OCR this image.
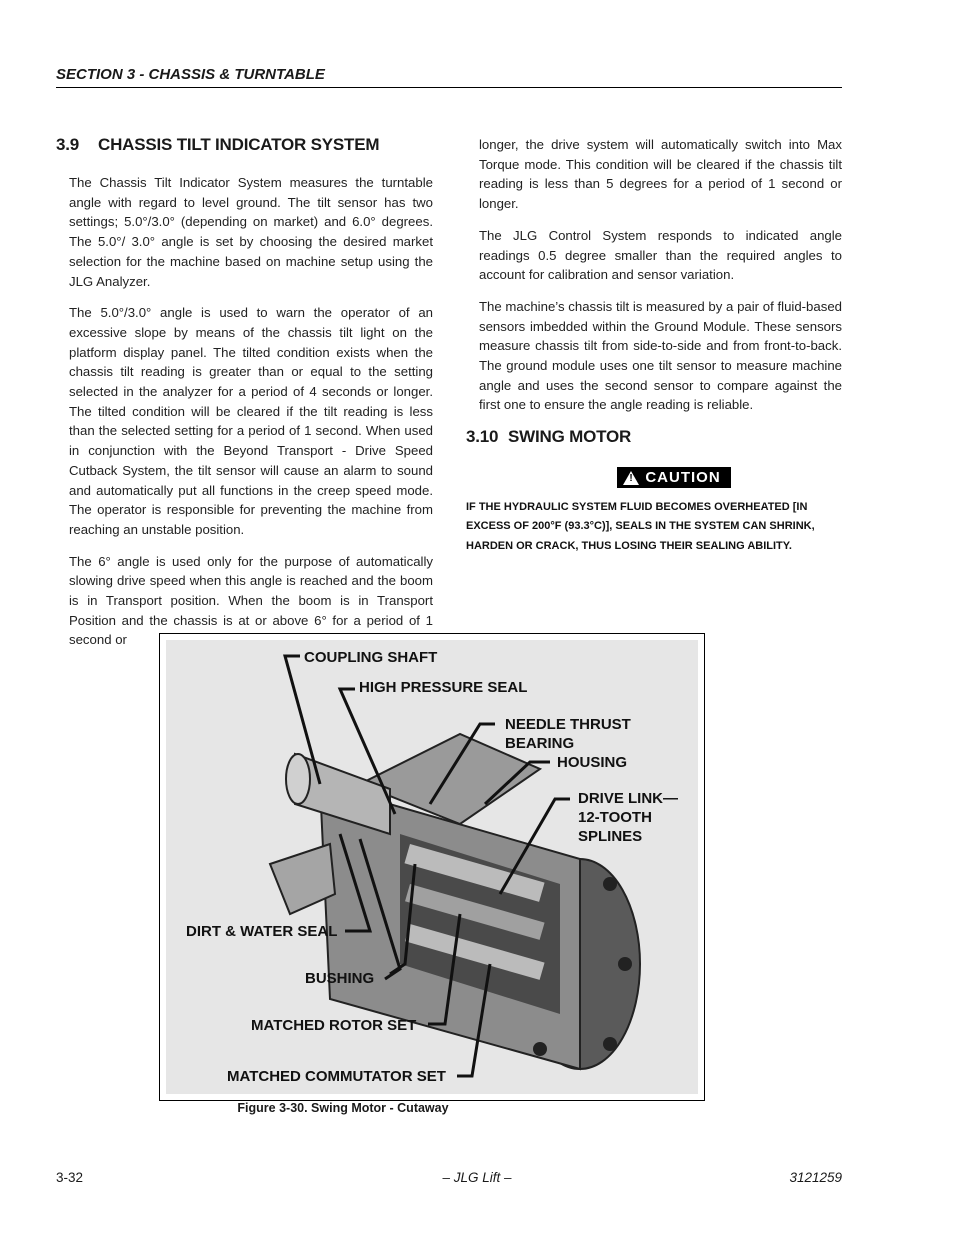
SECTION 3 - CHASSIS & TURNTABLE
3.9 CHASSIS TILT INDICATOR SYSTEM

The Chassis Tilt Indicator System measures the turntable angle with regard to level ground. The tilt sensor has two settings; 5.0°/3.0° (depending on market) and 6.0° degrees. The 5.0°/ 3.0° angle is set by choosing the desired market selection for the machine based on machine setup using the JLG Analyzer.

The 5.0°/3.0° angle is used to warn the operator of an excessive slope by means of the chassis tilt light on the platform display panel. The tilted condition exists when the chassis tilt reading is greater than or equal to the setting selected in the analyzer for a period of 4 seconds or longer. The tilted condition will be cleared if the tilt reading is less than the selected setting for a period of 1 second. When used in conjunction with the Beyond Transport - Drive Speed Cutback System, the tilt sensor will cause an alarm to sound and automatically put all functions in the creep speed mode. The operator is responsible for preventing the machine from reaching an unstable position.

The 6° angle is used only for the purpose of automatically slowing drive speed when this angle is reached and the boom is in Transport position. When the boom is in Transport Position and the chassis is at or above 6° for a period of 1 second or

longer, the drive system will automatically switch into Max Torque mode. This condition will be cleared if the chassis tilt reading is less than 5 degrees for a period of 1 second or longer.

The JLG Control System responds to indicated angle readings 0.5 degree smaller than the required angles to account for calibration and sensor variation.

The machine’s chassis tilt is measured by a pair of fluid-based sensors imbedded within the Ground Module. These sensors measure chassis tilt from side-to-side and from front-to-back. The ground module uses one tilt sensor to measure machine angle and uses the second sensor to compare against the first one to ensure the angle reading is reliable.

3.10 SWING MOTOR
!
CAUTION

IF THE HYDRAULIC SYSTEM FLUID BECOMES OVERHEATED [IN EXCESS OF 200°F (93.3°C)], SEALS IN THE SYSTEM CAN SHRINK, HARDEN OR CRACK, THUS LOSING THEIR SEALING ABILITY.

COUPLING SHAFT
HIGH PRESSURE SEAL
NEEDLE THRUST
BEARING
HOUSING
DRIVE LINK—
12-TOOTH
SPLINES
DIRT & WATER SEAL
BUSHING
MATCHED ROTOR SET
MATCHED COMMUTATOR SET
Figure 3-30. Swing Motor - Cutaway
3-32	– JLG Lift –	3121259
